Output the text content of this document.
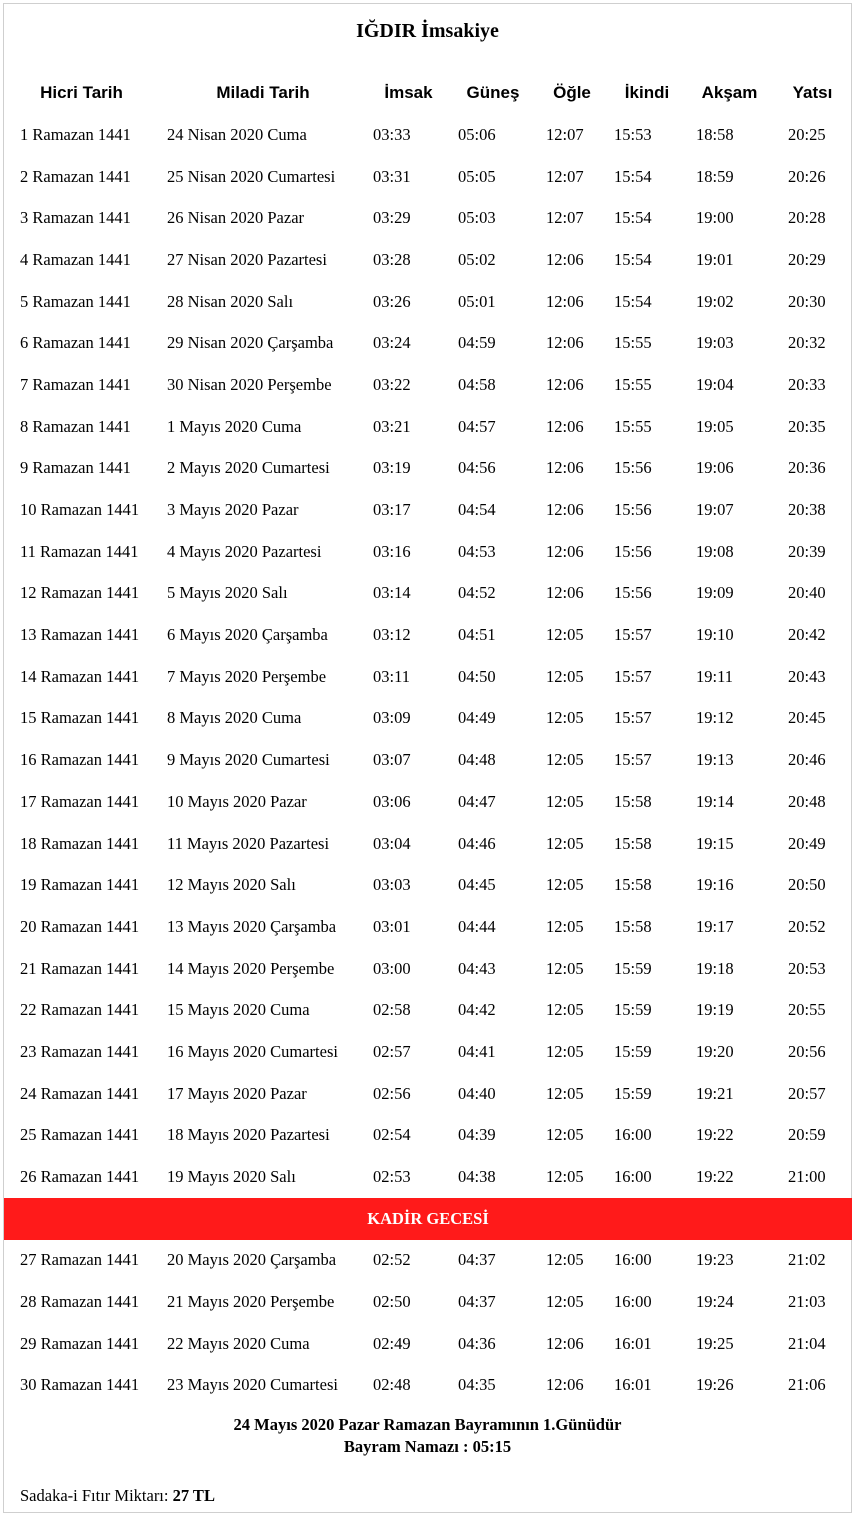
IĞDIR İmsakiye
Hicri Tarih	Miladi Tarih	İmsak	Güneş	Öğle	İkindi	Akşam	Yatsı
1 Ramazan 1441	24 Nisan 2020 Cuma	03:33	05:06	12:07	15:53	18:58	20:25
2 Ramazan 1441	25 Nisan 2020 Cumartesi	03:31	05:05	12:07	15:54	18:59	20:26
3 Ramazan 1441	26 Nisan 2020 Pazar	03:29	05:03	12:07	15:54	19:00	20:28
4 Ramazan 1441	27 Nisan 2020 Pazartesi	03:28	05:02	12:06	15:54	19:01	20:29
5 Ramazan 1441	28 Nisan 2020 Salı	03:26	05:01	12:06	15:54	19:02	20:30
6 Ramazan 1441	29 Nisan 2020 Çarşamba	03:24	04:59	12:06	15:55	19:03	20:32
7 Ramazan 1441	30 Nisan 2020 Perşembe	03:22	04:58	12:06	15:55	19:04	20:33
8 Ramazan 1441	1 Mayıs 2020 Cuma	03:21	04:57	12:06	15:55	19:05	20:35
9 Ramazan 1441	2 Mayıs 2020 Cumartesi	03:19	04:56	12:06	15:56	19:06	20:36
10 Ramazan 1441	3 Mayıs 2020 Pazar	03:17	04:54	12:06	15:56	19:07	20:38
11 Ramazan 1441	4 Mayıs 2020 Pazartesi	03:16	04:53	12:06	15:56	19:08	20:39
12 Ramazan 1441	5 Mayıs 2020 Salı	03:14	04:52	12:06	15:56	19:09	20:40
13 Ramazan 1441	6 Mayıs 2020 Çarşamba	03:12	04:51	12:05	15:57	19:10	20:42
14 Ramazan 1441	7 Mayıs 2020 Perşembe	03:11	04:50	12:05	15:57	19:11	20:43
15 Ramazan 1441	8 Mayıs 2020 Cuma	03:09	04:49	12:05	15:57	19:12	20:45
16 Ramazan 1441	9 Mayıs 2020 Cumartesi	03:07	04:48	12:05	15:57	19:13	20:46
17 Ramazan 1441	10 Mayıs 2020 Pazar	03:06	04:47	12:05	15:58	19:14	20:48
18 Ramazan 1441	11 Mayıs 2020 Pazartesi	03:04	04:46	12:05	15:58	19:15	20:49
19 Ramazan 1441	12 Mayıs 2020 Salı	03:03	04:45	12:05	15:58	19:16	20:50
20 Ramazan 1441	13 Mayıs 2020 Çarşamba	03:01	04:44	12:05	15:58	19:17	20:52
21 Ramazan 1441	14 Mayıs 2020 Perşembe	03:00	04:43	12:05	15:59	19:18	20:53
22 Ramazan 1441	15 Mayıs 2020 Cuma	02:58	04:42	12:05	15:59	19:19	20:55
23 Ramazan 1441	16 Mayıs 2020 Cumartesi	02:57	04:41	12:05	15:59	19:20	20:56
24 Ramazan 1441	17 Mayıs 2020 Pazar	02:56	04:40	12:05	15:59	19:21	20:57
25 Ramazan 1441	18 Mayıs 2020 Pazartesi	02:54	04:39	12:05	16:00	19:22	20:59
26 Ramazan 1441	19 Mayıs 2020 Salı	02:53	04:38	12:05	16:00	19:22	21:00
KADİR GECESİ							
27 Ramazan 1441	20 Mayıs 2020 Çarşamba	02:52	04:37	12:05	16:00	19:23	21:02
28 Ramazan 1441	21 Mayıs 2020 Perşembe	02:50	04:37	12:05	16:00	19:24	21:03
29 Ramazan 1441	22 Mayıs 2020 Cuma	02:49	04:36	12:06	16:01	19:25	21:04
30 Ramazan 1441	23 Mayıs 2020 Cumartesi	02:48	04:35	12:06	16:01	19:26	21:06
24 Mayıs 2020 Pazar Ramazan Bayramının 1.Günüdür
Bayram Namazı : 05:15
Sadaka-i Fıtır Miktarı: 27 TL
